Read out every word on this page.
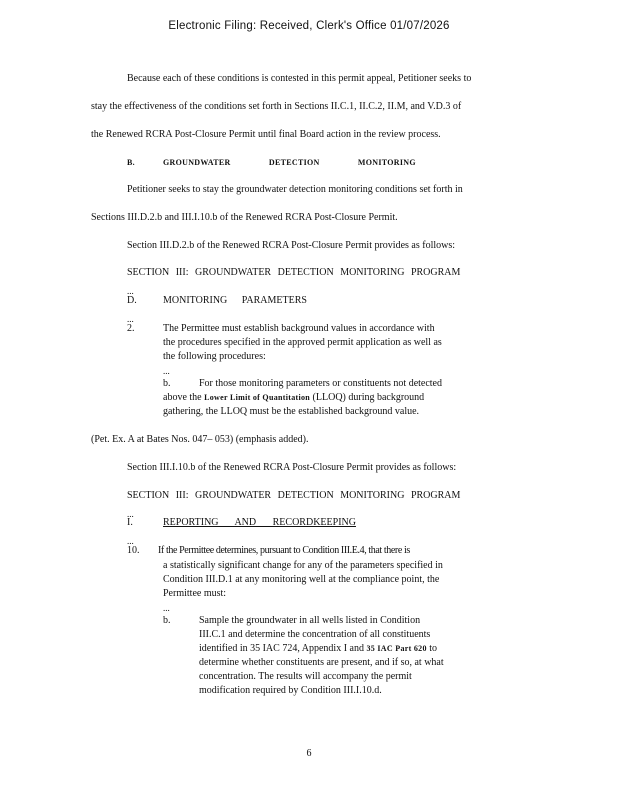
Electronic Filing: Received, Clerk's Office 01/07/2026
Because each of these conditions is contested in this permit appeal, Petitioner seeks to
stay the effectiveness of the conditions set forth in Sections II.C.1, II.C.2, II.M, and V.D.3 of
the Renewed RCRA Post-Closure Permit until final Board action in the review process.
B.	GROUNDWATER DETECTION MONITORING
Petitioner seeks to stay the groundwater detection monitoring conditions set forth in
Sections III.D.2.b and III.I.10.b of the Renewed RCRA Post-Closure Permit.
Section III.D.2.b of the Renewed RCRA Post-Closure Permit provides as follows:
SECTION III: GROUNDWATER DETECTION MONITORING PROGRAM
...
D.	MONITORING PARAMETERS
...
2.	The Permittee must establish background values in accordance with
the procedures specified in the approved permit application as well as
the following procedures:
...
b.	For those monitoring parameters or constituents not detected
above the Lower Limit of Quantitation (LLOQ) during background
gathering, the LLOQ must be the established background value.
(Pet. Ex. A at Bates Nos. 047– 053) (emphasis added).
Section III.I.10.b of the Renewed RCRA Post-Closure Permit provides as follows:
SECTION III: GROUNDWATER DETECTION MONITORING PROGRAM
...
I.	REPORTING AND RECORDKEEPING
...
10. If the Permittee determines, pursuant to Condition III.E.4, that there is
a statistically significant change for any of the parameters specified in
Condition III.D.1 at any monitoring well at the compliance point, the
Permittee must:
...
b.	Sample the groundwater in all wells listed in Condition
III.C.1 and determine the concentration of all constituents
identified in 35 IAC 724, Appendix I and 35 IAC Part 620 to
determine whether constituents are present, and if so, at what
concentration. The results will accompany the permit
modification required by Condition III.I.10.d.
6
